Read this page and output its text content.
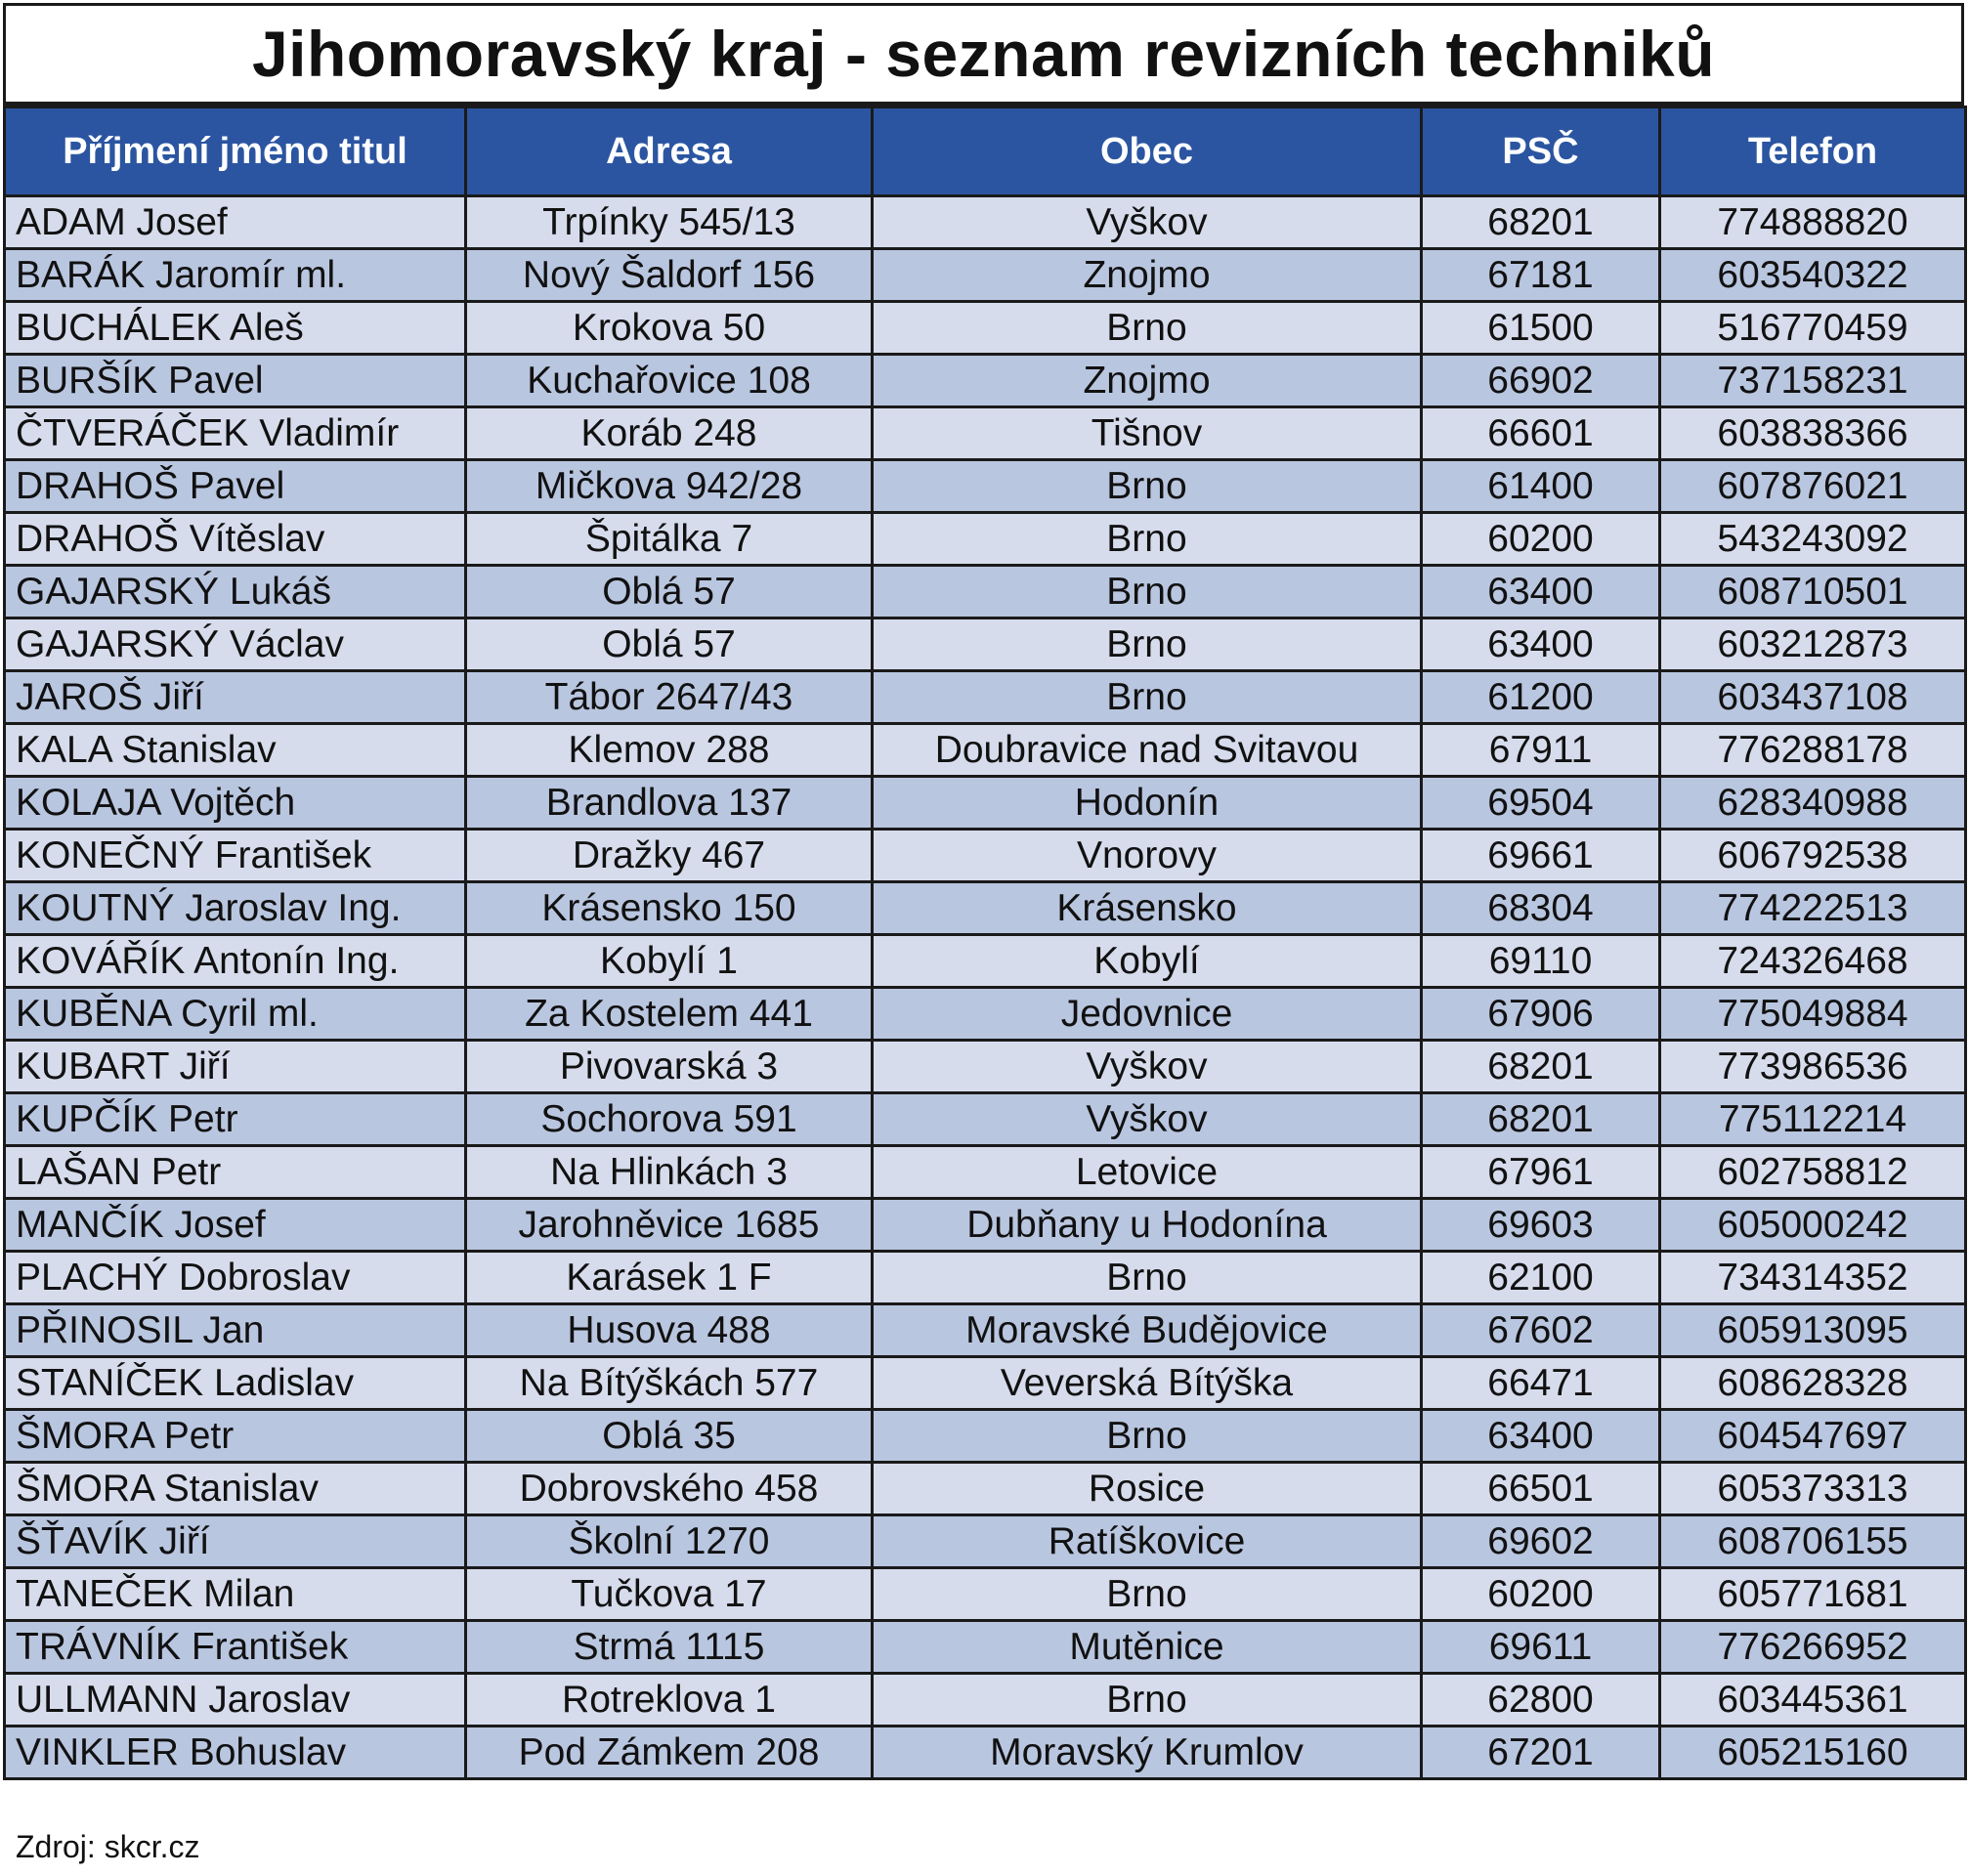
Jihomoravský kraj - seznam revizních techniků
Příjmení jméno titul	Adresa	Obec	PSČ	Telefon
ADAM Josef	Trpínky 545/13	Vyškov	68201	774888820
BARÁK Jaromír ml.	Nový Šaldorf 156	Znojmo	67181	603540322
BUCHÁLEK Aleš	Krokova 50	Brno	61500	516770459
BURŠÍK Pavel	Kuchařovice 108	Znojmo	66902	737158231
ČTVERÁČEK Vladimír	Koráb 248	Tišnov	66601	603838366
DRAHOŠ Pavel	Mičkova 942/28	Brno	61400	607876021
DRAHOŠ Vítěslav	Špitálka 7	Brno	60200	543243092
GAJARSKÝ Lukáš	Oblá 57	Brno	63400	608710501
GAJARSKÝ Václav	Oblá 57	Brno	63400	603212873
JAROŠ Jiří	Tábor 2647/43	Brno	61200	603437108
KALA Stanislav	Klemov 288	Doubravice nad Svitavou	67911	776288178
KOLAJA Vojtěch	Brandlova 137	Hodonín	69504	628340988
KONEČNÝ František	Dražky 467	Vnorovy	69661	606792538
KOUTNÝ Jaroslav Ing.	Krásensko 150	Krásensko	68304	774222513
KOVÁŘÍK Antonín Ing.	Kobylí 1	Kobylí	69110	724326468
KUBĚNA Cyril ml.	Za Kostelem 441	Jedovnice	67906	775049884
KUBART Jiří	Pivovarská 3	Vyškov	68201	773986536
KUPČÍK Petr	Sochorova 591	Vyškov	68201	775112214
LAŠAN Petr	Na Hlinkách 3	Letovice	67961	602758812
MANČÍK Josef	Jarohněvice 1685	Dubňany u Hodonína	69603	605000242
PLACHÝ Dobroslav	Karásek 1 F	Brno	62100	734314352
PŘINOSIL Jan	Husova 488	Moravské Budějovice	67602	605913095
STANÍČEK Ladislav	Na Bítýškách 577	Veverská Bítýška	66471	608628328
ŠMORA Petr	Oblá 35	Brno	63400	604547697
ŠMORA Stanislav	Dobrovského 458	Rosice	66501	605373313
ŠŤAVÍK Jiří	Školní 1270	Ratíškovice	69602	608706155
TANEČEK Milan	Tučkova 17	Brno	60200	605771681
TRÁVNÍK František	Strmá 1115	Mutěnice	69611	776266952
ULLMANN Jaroslav	Rotreklova 1	Brno	62800	603445361
VINKLER Bohuslav	Pod Zámkem 208	Moravský Krumlov	67201	605215160
Zdroj: skcr.cz
